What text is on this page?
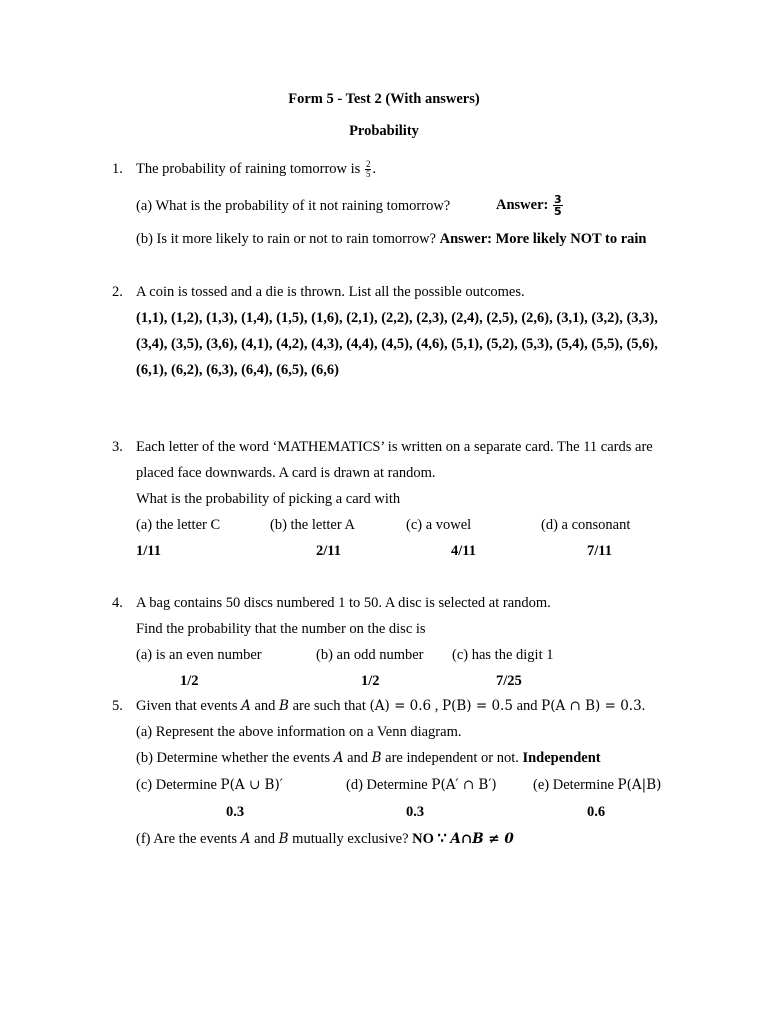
Form 5 - Test 2 (With answers)
Probability
1. The probability of raining tomorrow is $\frac{2}{5}$ .
(a) What is the probability of it not raining tomorrow?	Answer: $\frac{3}{5}$
(b) Is it more likely to rain or not to rain tomorrow? Answer: More likely NOT to rain
2. A coin is tossed and a die is thrown. List all the possible outcomes.
(1,1), (1,2), (1,3), (1,4), (1,5), (1,6), (2,1), (2,2), (2,3), (2,4), (2,5), (2,6), (3,1), (3,2), (3,3),
(3,4), (3,5), (3,6), (4,1), (4,2), (4,3), (4,4), (4,5), (4,6), (5,1), (5,2), (5,3), (5,4), (5,5), (5,6),
(6,1), (6,2), (6,3), (6,4), (6,5), (6,6)
3. Each letter of the word ‘MATHEMATICS’ is written on a separate card. The 11 cards are
placed face downwards. A card is drawn at random.
What is the probability of picking a card with
(a) the letter C	(b) the letter A	(c) a vowel	(d) a consonant
1/11	2/11	4/11	7/11
4. A bag contains 50 discs numbered 1 to 50. A disc is selected at random.
Find the probability that the number on the disc is
(a) is an even number	(b) an odd number (c) has the digit 1
1/2	1/2	7/25
5. Given that events A and B are such that (A) = 0.6 , P(B) = 0.5 and P(A ∩ B) = 0.3.
(a) Represent the above information on a Venn diagram.
(b) Determine whether the events A and B are independent or not. Independent
(c) Determine P(A ∪ B)′	(d) Determine P(A′ ∩ B′)	(e) Determine P(A|B)
0.3	0.3	0.6
(f) Are the events A and B mutually exclusive? NO ∵ A∩B ≠ 0
